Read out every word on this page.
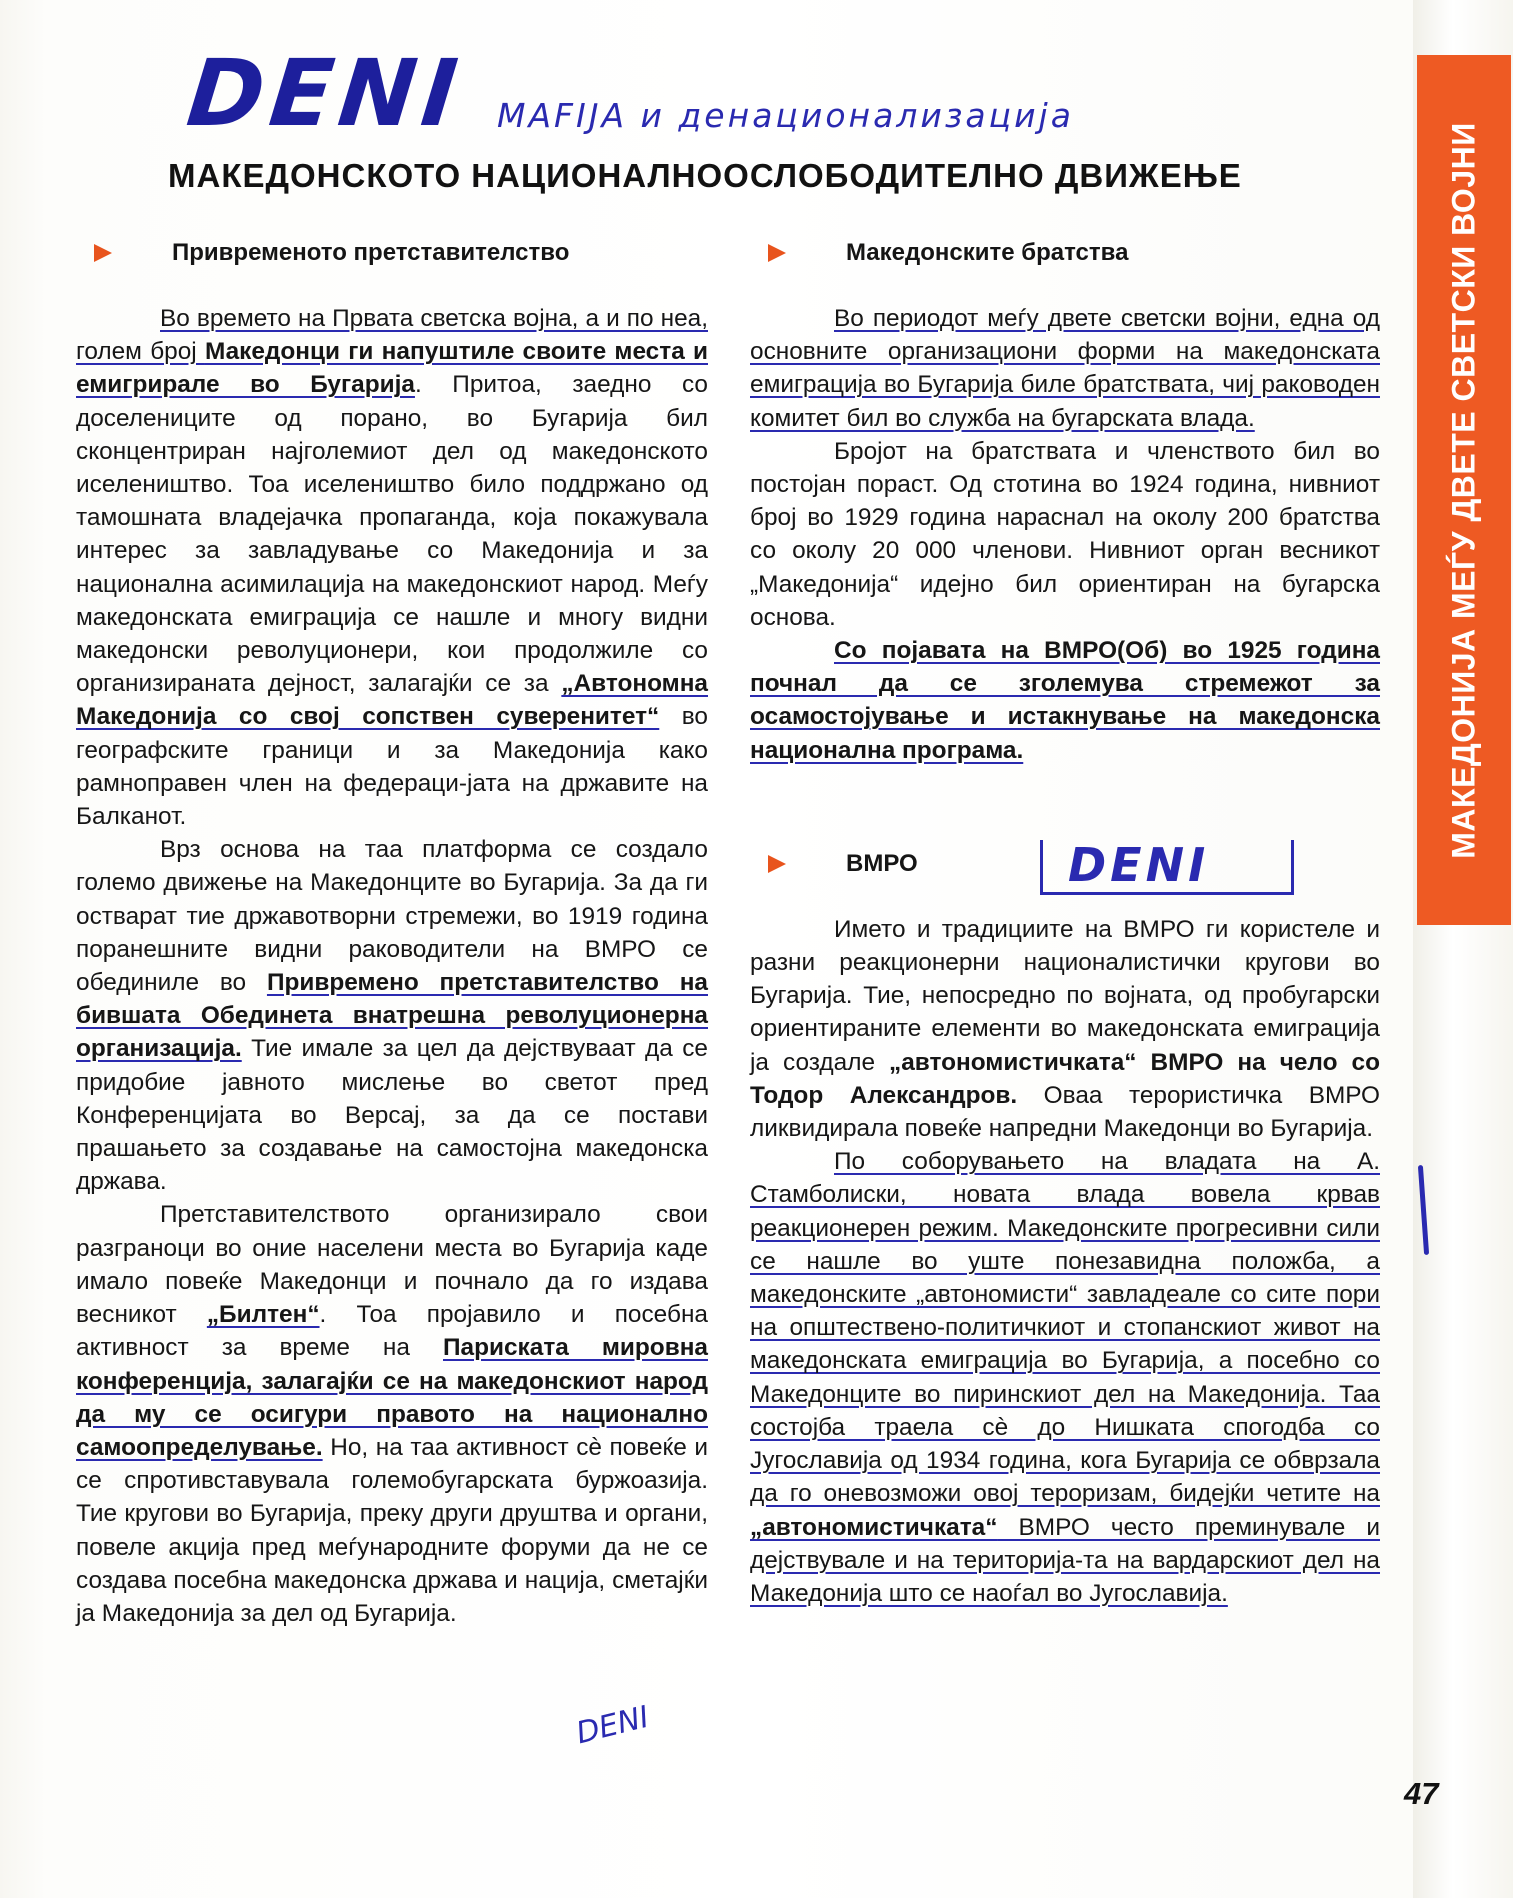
МАКЕДОНИЈА МЕЃУ ДВЕТЕ СВЕТСКИ ВОЈНИ
DENI MAFIJA и денационализација
DENI
DENI
МАКЕДОНСКОТО НАЦИОНАЛНООСЛОБОДИТЕЛНО ДВИЖЕЊЕ
Привременото претставителство

Во времето на Првата светска војна, а и по неа, голем број Македонци ги напуштиле своите места и емигрирале во Бугарија. Притоа, заедно со доселениците од порано, во Бугарија бил сконцентриран најголемиот дел од македонското иселеништво. Тоа иселеништво било поддржано од тамошната владејачка пропаганда, која покажувала интерес за завладување со Македонија и за национална асимилација на македонскиот народ. Меѓу македонската емиграција се нашле и многу видни македонски револуционери, кои продолжиле со организираната дејност, залагајќи се за „Автономна Македонија со свој сопствен суверенитет“ во географските граници и за Македонија како рамноправен член на федераци-јата на државите на Балканот.

Врз основа на таа платформа се создало големо движење на Македонците во Бугарија. За да ги остварат тие државотворни стремежи, во 1919 година поранешните видни раководители на ВМРО се обединиле во Привремено претставителство на бившата Обединета внатрешна револуционерна организација. Тие имале за цел да дејствуваат да се придобие јавното мислење во светот пред Конференцијата во Версај, за да се постави прашањето за создавање на самостојна македонска држава.

Претставителството организирало свои разграноци во оние населени места во Бугарија каде имало повеќе Македонци и почнало да го издава весникот „Билтен“. Тоа пројавило и посебна активност за време на Париската мировна конференција, залагајќи се на македонскиот народ да му се осигури правото на национално самоопределување. Но, на таа активност сè повеќе и се спротивставувала големобугарската буржоазија. Тие кругови во Бугарија, преку други друштва и органи, повеле акција пред меѓународните форуми да не се создава посебна македонска држава и нација, сметајќи ја Македонија за дел од Бугарија.

Македонските братства

Во периодот меѓу двете светски војни, една од основните организациони форми на македонската емиграција во Бугарија биле братствата, чиј раководен комитет бил во служба на бугарската влада.

Бројот на братствата и членството бил во постојан пораст. Од стотина во 1924 година, нивниот број во 1929 година нараснал на околу 200 братства со околу 20 000 членови. Нивниот орган весникот „Македонија“ идејно бил ориентиран на бугарска основа.

Со појавата на ВМРО(Об) во 1925 година почнал да се зголемува стремежот за осамостојување и истакнување на македонска национална програма.

ВМРО

Името и традициите на ВМРО ги користеле и разни реакционерни националистички кругови во Бугарија. Тие, непосредно по војната, од пробугарски ориентираните елементи во македонската емиграција ја создале „автономистичката“ ВМРО на чело со Тодор Александров. Оваа терористичка ВМРО ликвидирала повеќе напредни Македонци во Бугарија.

По соборувањето на владата на А. Стамболиски, новата влада вовела крвав реакционерен режим. Македонските прогресивни сили се нашле во уште понезавидна положба, а македонските „автономисти“ завладеале со сите пори на општествено-политичкиот и стопанскиот живот на македонската емиграција во Бугарија, а посебно со Македонците во пиринскиот дел на Македонија. Таа состојба траела сè до Нишката спогодба со Југославија од 1934 година, кога Бугарија се обврзала да го оневозможи овој тероризам, бидејќи четите на „автономистичката“ ВМРО често преминувале и дејствувале и на територија-та на вардарскиот дел на Македонија што се наоѓал во Југославија.

47
